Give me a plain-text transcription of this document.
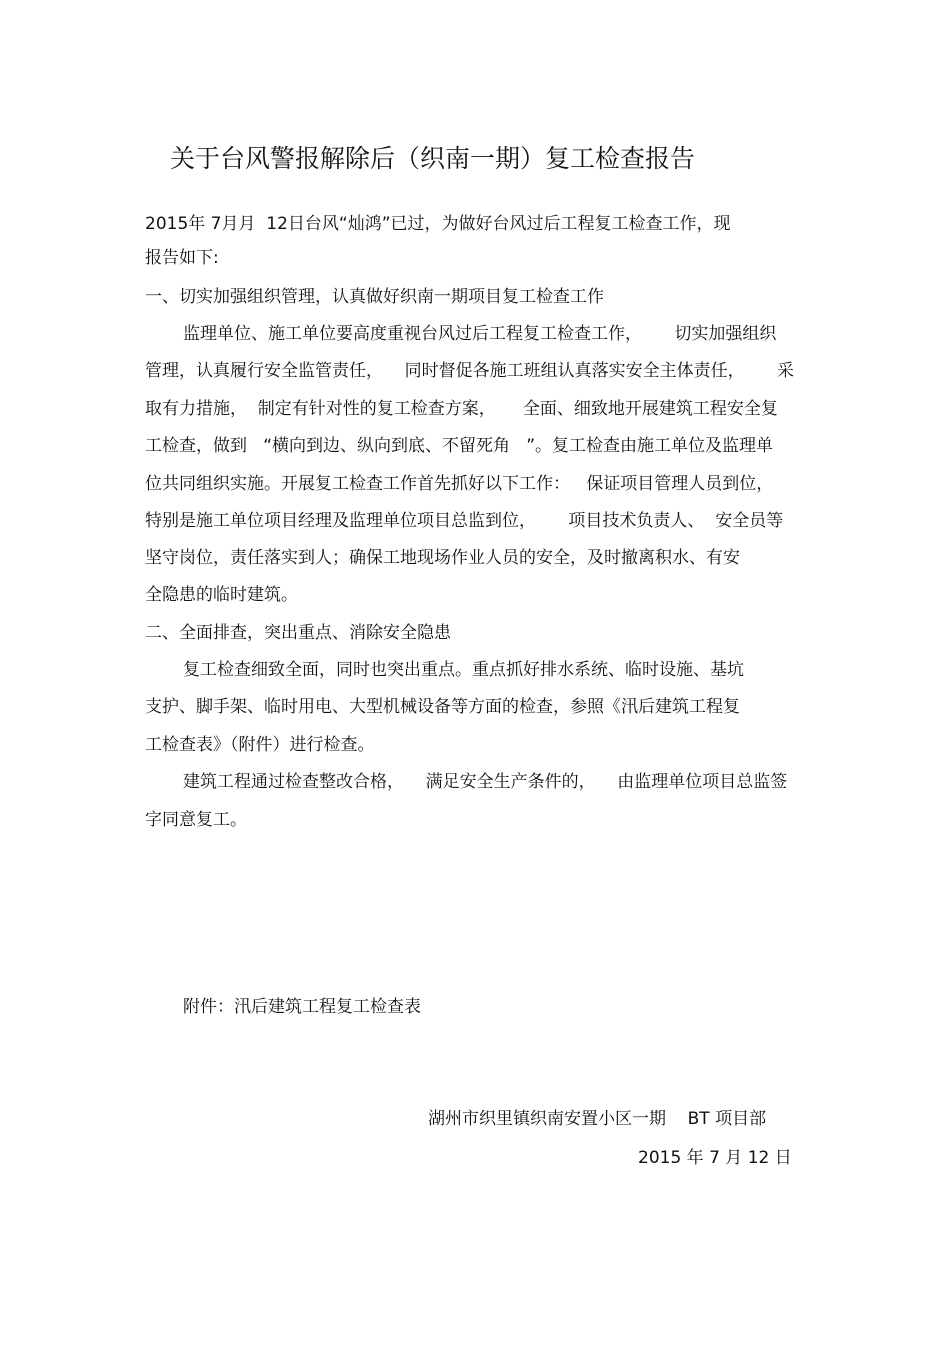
关于台风警报解除后（织南一期）复工检查报告
2015年 7月月  12日台风“灿鸿”已过，为做好台风过后工程复工检查工作，现
报告如下:
一、切实加强组织管理，认真做好织南一期项目复工检查工作
监理单位、施工单位要高度重视台风过后工程复工检查工作，      切实加强组织
管理，认真履行安全监管责任，    同时督促各施工班组认真落实安全主体责任，      采
取有力措施，  制定有针对性的复工检查方案，     全面、细致地开展建筑工程安全复
工检查，做到   “横向到边、纵向到底、不留死角   ”。复工检查由施工单位及监理单
位共同组织实施。开展复工检查工作首先抓好以下工作：   保证项目管理人员到位，
特别是施工单位项目经理及监理单位项目总监到位，      项目技术负责人、  安全员等
坚守岗位，责任落实到人；确保工地现场作业人员的安全，及时撤离积水、有安
全隐患的临时建筑。
二、全面排查，突出重点、消除安全隐患
复工检查细致全面，同时也突出重点。重点抓好排水系统、临时设施、基坑
支护、脚手架、临时用电、大型机械设备等方面的检查，参照《汛后建筑工程复
工检查表》（附件）进行检查。
建筑工程通过检查整改合格，    满足安全生产条件的，    由监理单位项目总监签
字同意复工。
附件：汛后建筑工程复工检查表
湖州市织里镇织南安置小区一期    BT 项目部
2015 年 7 月 12 日
